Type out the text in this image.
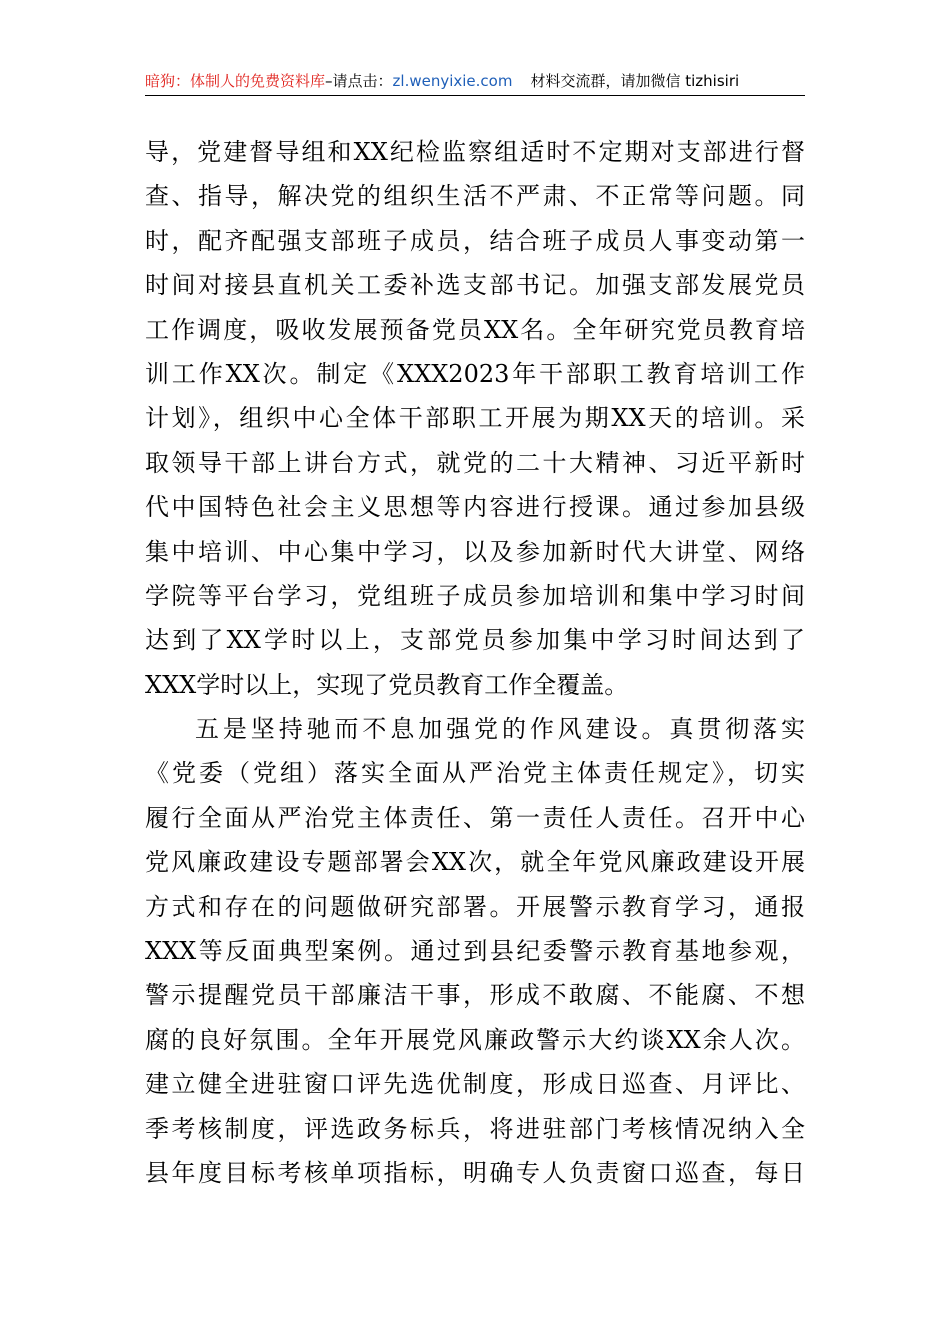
暗狗：体制人的免费资料库–请点击：zl.wenyixie.com 材料交流群，请加微信 tizhisiri
导，党建督导组和XX纪检监察组适时不定期对支部进行督
查、指导，解决党的组织生活不严肃、不正常等问题。同
时，配齐配强支部班子成员，结合班子成员人事变动第一
时间对接县直机关工委补选支部书记。加强支部发展党员
工作调度，吸收发展预备党员XX名。全年研究党员教育培
训工作XX次。制定《XXX2023年干部职工教育培训工作
计划》，组织中心全体干部职工开展为期XX天的培训。采
取领导干部上讲台方式，就党的二十大精神、习近平新时
代中国特色社会主义思想等内容进行授课。通过参加县级
集中培训、中心集中学习，以及参加新时代大讲堂、网络
学院等平台学习，党组班子成员参加培训和集中学习时间
达到了XX学时以上，支部党员参加集中学习时间达到了
XXX学时以上，实现了党员教育工作全覆盖。
五是坚持驰而不息加强党的作风建设。真贯彻落实
《党委（党组）落实全面从严治党主体责任规定》，切实
履行全面从严治党主体责任、第一责任人责任。召开中心
党风廉政建设专题部署会XX次，就全年党风廉政建设开展
方式和存在的问题做研究部署。开展警示教育学习，通报
XXX等反面典型案例。通过到县纪委警示教育基地参观，
警示提醒党员干部廉洁干事，形成不敢腐、不能腐、不想
腐的良好氛围。全年开展党风廉政警示大约谈XX余人次。
建立健全进驻窗口评先选优制度，形成日巡查、月评比、
季考核制度，评选政务标兵，将进驻部门考核情况纳入全
县年度目标考核单项指标，明确专人负责窗口巡查，每日
